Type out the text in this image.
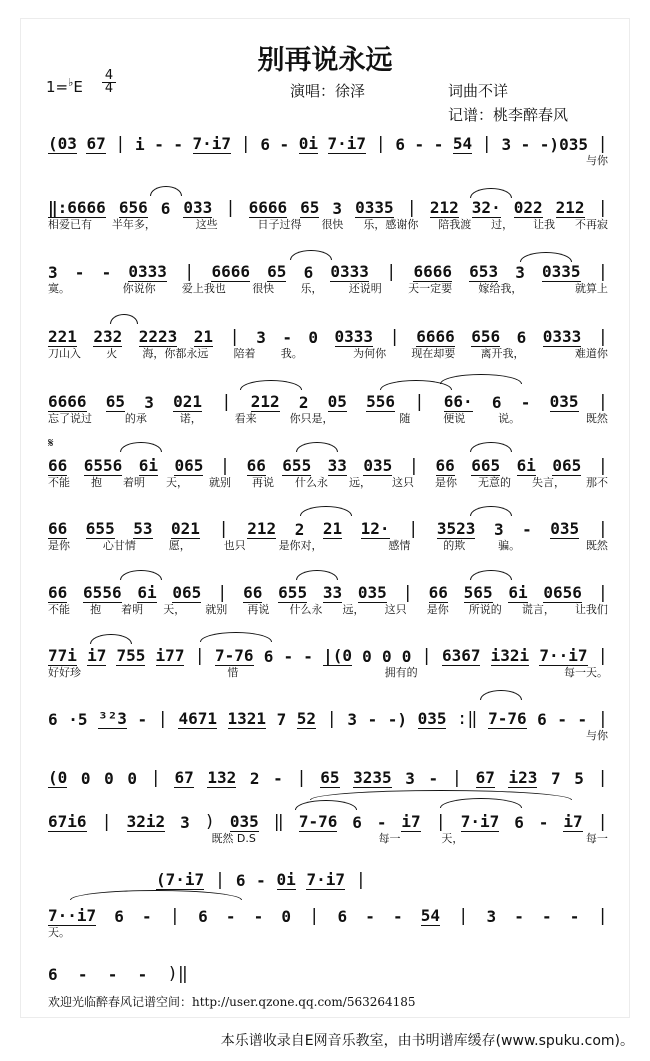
别再说永远
1=♭E
4
4	演唱：徐泽	词曲不详
记谱：桃李醉春风
𝄋
(03 67 | i - - 7·i7 | 6 - 0i 7·i7 | 6 - - 54 | 3 - -)035 |
与你
‖:6666 656 6 033 | 6666 65 3 0335 | 212 32· 022 212 |
相爱已有 半年多，	这些	日子过得 很快 乐，感谢你 陪我渡 过， 让我 不再寂
3 - - 0333 | 6666 65 6 0333 | 6666 653 3 0335 |
寞。	你说你 爱上我也 很快 乐， 还说明 天一定要 嫁给我，	就算上
221 232 2223 21 | 3 - 0 0333 | 6666 656 6 0333 |
刀山入 火 海，你都永远 陪着 我。	为何你 现在却要 离开我，	难道你
6666 65 3 021 | 212 2 05 556 | 66· 6 - 035 |
忘了说过	的承	诺，	看来	你只是，	随	便说	说。	既然
66 6556 6i 065 | 66 655 33 035 | 66 665 6i 065 |
不能 抱 着明 天， 就别 再说 什么永 远， 这只 是你 无意的 失言， 那不
66 655 53 021 | 212 2 21 12· | 3523 3 - 035 |
是你	心甘情	愿，	也只	是你对，	感情	的欺	骗。	既然
66 6556 6i 065 | 66 655 33 035 | 66 565 6i 0656 |
不能 抱 着明 天， 就别 再说 什么永 远， 这只 是你 所说的 谎言， 让我们
77i i7 755 i77 | 7-76 6 - - |(0 0 0 0 | 6367 i32i 7··i7 |
好好珍	惜	拥有的	每一天。
6 ·5 ³²3 - | 4671 1321 7 52 | 3 - -) 035 :‖ 7-76 6 - - |
与你
(0 0 0 0 | 67 132 2 - | 65 3235 3 - | 67 i23 7 5 |
67i6 | 32i2 3 ) 035 ‖ 7-76 6 - i7 | 7·i7 6 - i7 |
既然 D.S	每一	天，	每一
(7·i7 | 6 - 0i 7·i7 |
7··i7 6 - | 6 - - 0 | 6 - - 54 | 3 - - - |
天。
6 - - - )‖
欢迎光临醉春风记谱空间：http://user.qzone.qq.com/563264185
本乐谱收录自E网音乐教室，由书明谱库缓存(www.spuku.com)。
